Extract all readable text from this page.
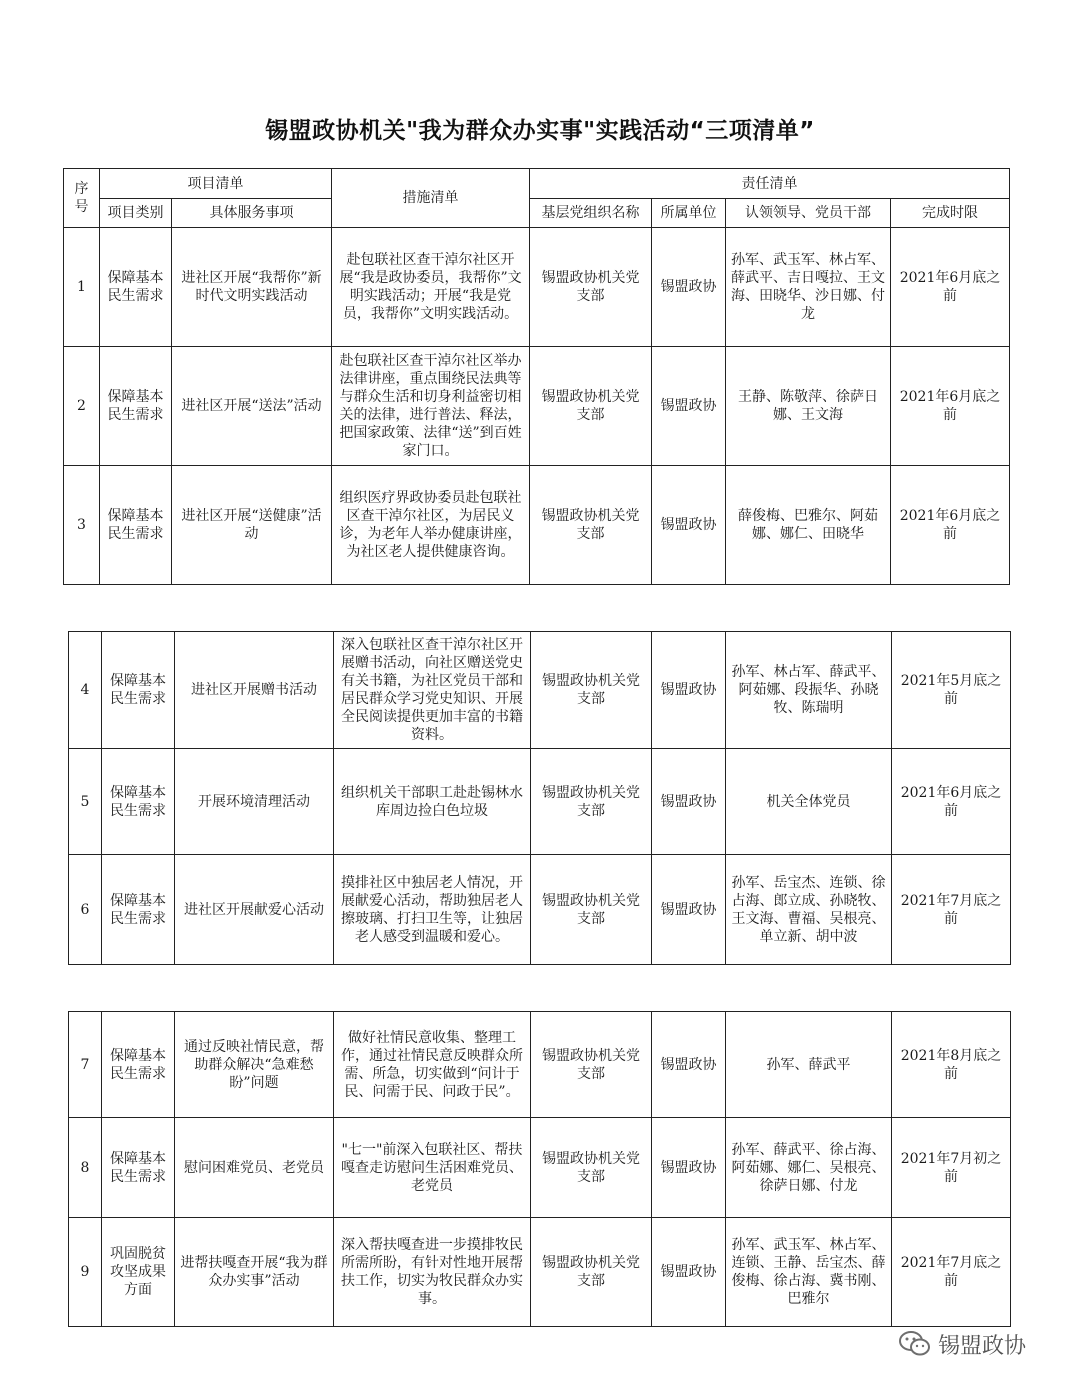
锡盟政协机关"我为群众办实事"实践活动“三项清单”
序号	项目清单		措施清单	责任清单			
	项目类别	具体服务事项		基层党组织名称	所属单位	认领领导、党员干部	完成时限
1	保障基本民生需求	进社区开展“我帮你”新时代文明实践活动	赴包联社区查干淖尔社区开展“我是政协委员，我帮你”文明实践活动；开展“我是党员，我帮你”文明实践活动。	锡盟政协机关党支部	锡盟政协	孙军、武玉军、林占军、薛武平、吉日嘎拉、王文海、田晓华、沙日娜、付龙	2021年6月底之前
2	保障基本民生需求	进社区开展“送法”活动	赴包联社区查干淖尔社区举办法律讲座，重点围绕民法典等与群众生活和切身利益密切相关的法律，进行普法、释法，把国家政策、法律“送”到百姓家门口。	锡盟政协机关党支部	锡盟政协	王静、陈敬萍、徐萨日娜、王文海	2021年6月底之前
3	保障基本民生需求	进社区开展“送健康”活动	组织医疗界政协委员赴包联社区查干淖尔社区，为居民义诊，为老年人举办健康讲座，为社区老人提供健康咨询。	锡盟政协机关党支部	锡盟政协	薛俊梅、巴雅尔、阿茹娜、娜仁、田晓华	2021年6月底之前
4	保障基本民生需求	进社区开展赠书活动	深入包联社区查干淖尔社区开展赠书活动，向社区赠送党史有关书籍，为社区党员干部和居民群众学习党史知识、开展全民阅读提供更加丰富的书籍资料。	锡盟政协机关党支部	锡盟政协	孙军、林占军、薛武平、阿茹娜、段振华、孙晓牧、陈瑞明	2021年5月底之前
5	保障基本民生需求	开展环境清理活动	组织机关干部职工赴赴锡林水库周边捡白色垃圾	锡盟政协机关党支部	锡盟政协	机关全体党员	2021年6月底之前
6	保障基本民生需求	进社区开展献爱心活动	摸排社区中独居老人情况，开展献爱心活动，帮助独居老人擦玻璃、打扫卫生等，让独居老人感受到温暖和爱心。	锡盟政协机关党支部	锡盟政协	孙军、岳宝杰、连锁、徐占海、郎立成、孙晓牧、王文海、曹福、吴根亮、单立新、胡中波	2021年7月底之前
7	保障基本民生需求	通过反映社情民意，帮助群众解决“急难愁盼”问题	做好社情民意收集、整理工作，通过社情民意反映群众所需、所急，切实做到“问计于民、问需于民、问政于民”。	锡盟政协机关党支部	锡盟政协	孙军、薛武平	2021年8月底之前
8	保障基本民生需求	慰问困难党员、老党员	"七一"前深入包联社区、帮扶嘎查走访慰问生活困难党员、老党员	锡盟政协机关党支部	锡盟政协	孙军、薛武平、徐占海、阿茹娜、娜仁、吴根亮、徐萨日娜、付龙	2021年7月初之前
9	巩固脱贫攻坚成果方面	进帮扶嘎查开展“我为群众办实事”活动	深入帮扶嘎查进一步摸排牧民所需所盼，有针对性地开展帮扶工作，切实为牧民群众办实事。	锡盟政协机关党支部	锡盟政协	孙军、武玉军、林占军、连锁、王静、岳宝杰、薛俊梅、徐占海、冀书刚、巴雅尔	2021年7月底之前
锡盟政协
